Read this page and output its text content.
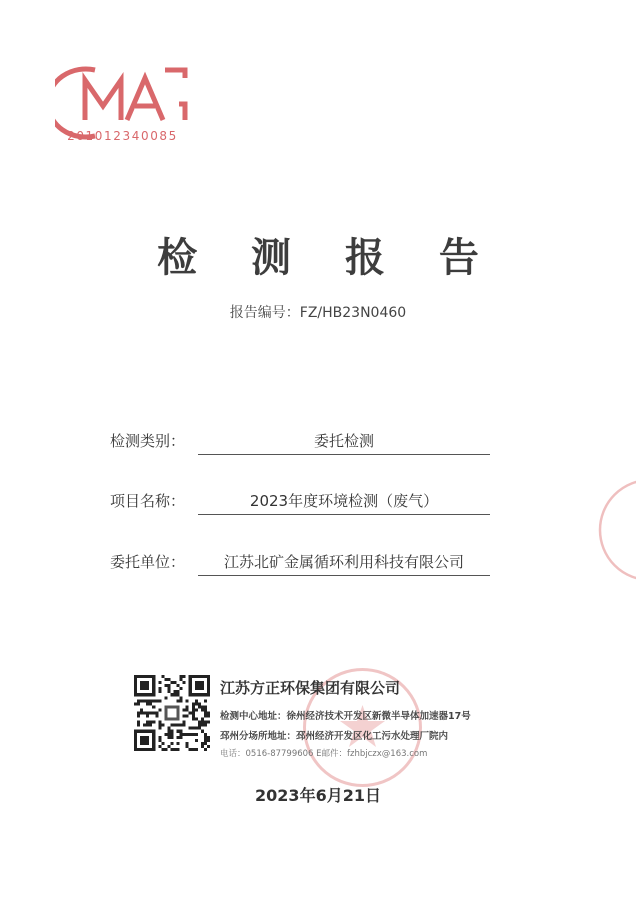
MA
201012340085
检 测 报 告
报告编号：FZ/HB23N0460
检测类别：	委托检测
项目名称：	2023年度环境检测（废气）
委托单位：	江苏北矿金属循环利用科技有限公司
江苏方正环保集团有限公司
检测中心地址：徐州经济技术开发区新微半导体加速器17号
邳州分场所地址：邳州经济开发区化工污水处理厂院内
电话：0516-87799606 E邮件：fzhbjczx@163.com
2023年6月21日
